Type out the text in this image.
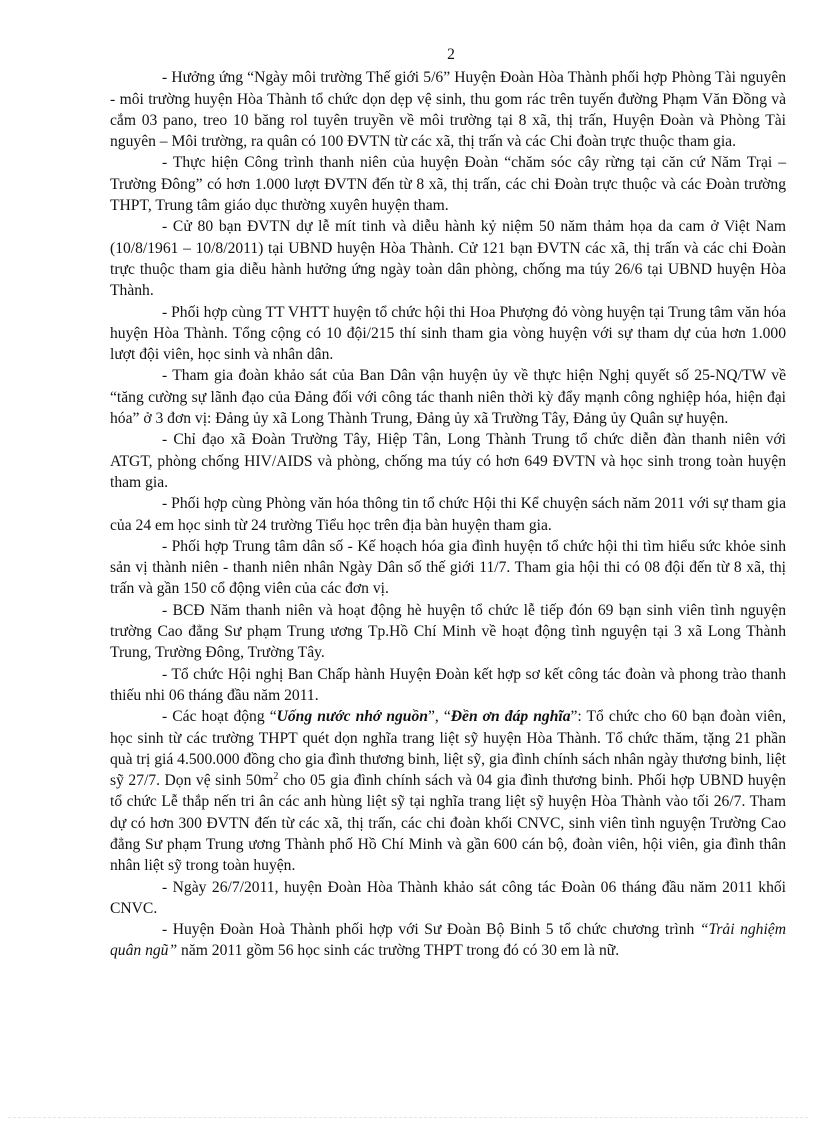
2

- Hưởng ứng “Ngày môi trường Thế giới 5/6” Huyện Đoàn Hòa Thành phối hợp Phòng Tài nguyên - môi trường huyện Hòa Thành tổ chức dọn dẹp vệ sinh, thu gom rác trên tuyến đường Phạm Văn Đồng và cắm 03 pano, treo 10 băng rol tuyên truyền về môi trường tại 8 xã, thị trấn, Huyện Đoàn và Phòng Tài nguyên – Môi trường, ra quân có 100 ĐVTN từ các xã, thị trấn và các Chi đoàn trực thuộc tham gia.

- Thực hiện Công trình thanh niên của huyện Đoàn “chăm sóc cây rừng tại căn cứ Năm Trại – Trường Đông” có hơn 1.000 lượt ĐVTN đến từ 8 xã, thị trấn, các chi Đoàn trực thuộc và các Đoàn trường THPT, Trung tâm giáo dục thường xuyên huyện tham.

- Cử 80 bạn ĐVTN dự lễ mít tinh và diễu hành kỷ niệm 50 năm thảm họa da cam ở Việt Nam (10/8/1961 – 10/8/2011) tại UBND huyện Hòa Thành. Cử 121 bạn ĐVTN các xã, thị trấn và các chi Đoàn trực thuộc tham gia diễu hành hưởng ứng ngày toàn dân phòng, chống ma túy 26/6 tại UBND huyện Hòa Thành.

- Phối hợp cùng TT VHTT huyện tổ chức hội thi Hoa Phượng đỏ vòng huyện tại Trung tâm văn hóa huyện Hòa Thành. Tổng cộng có 10 đội/215 thí sinh tham gia vòng huyện với sự tham dự của hơn 1.000 lượt đội viên, học sinh và nhân dân.

- Tham gia đoàn khảo sát của Ban Dân vận huyện ủy về thực hiện Nghị quyết số 25-NQ/TW về “tăng cường sự lãnh đạo của Đảng đối với công tác thanh niên thời kỳ đẩy mạnh công nghiệp hóa, hiện đại hóa” ở 3 đơn vị: Đảng ủy xã Long Thành Trung, Đảng ủy xã Trường Tây, Đảng ủy Quân sự huyện.

- Chỉ đạo xã Đoàn Trường Tây, Hiệp Tân, Long Thành Trung tổ chức diễn đàn thanh niên với ATGT, phòng chống HIV/AIDS và phòng, chống ma túy có hơn 649 ĐVTN và học sinh trong toàn huyện tham gia.

- Phối hợp cùng Phòng văn hóa thông tin tổ chức Hội thi Kể chuyện sách năm 2011 với sự tham gia của 24 em học sinh từ 24 trường Tiểu học trên địa bàn huyện tham gia.

- Phối hợp Trung tâm dân số - Kế hoạch hóa gia đình huyện tổ chức hội thi tìm hiểu sức khỏe sinh sản vị thành niên - thanh niên nhân Ngày Dân số thế giới 11/7. Tham gia hội thi có 08 đội đến từ 8 xã, thị trấn và gần 150 cổ động viên của các đơn vị.

- BCĐ Năm thanh niên và hoạt động hè huyện tổ chức lễ tiếp đón 69 bạn sinh viên tình nguyện trường Cao đẳng Sư phạm Trung ương Tp.Hồ Chí Minh về hoạt động tình nguyện tại 3 xã Long Thành Trung, Trường Đông, Trường Tây.

- Tổ chức Hội nghị Ban Chấp hành Huyện Đoàn kết hợp sơ kết công tác đoàn và phong trào thanh thiếu nhi 06 tháng đầu năm 2011.

- Các hoạt động “Uống nước nhớ nguồn”, “Đền ơn đáp nghĩa”: Tổ chức cho 60 bạn đoàn viên, học sinh từ các trường THPT quét dọn nghĩa trang liệt sỹ huyện Hòa Thành. Tổ chức thăm, tặng 21 phần quà trị giá 4.500.000 đồng cho gia đình thương binh, liệt sỹ, gia đình chính sách nhân ngày thương binh, liệt sỹ 27/7. Dọn vệ $\sinh 50m^2$ cho 05 gia đình chính sách và 04 gia đình thương binh. Phối hợp UBND huyện tổ chức Lễ thắp nến tri ân các anh hùng liệt sỹ tại nghĩa trang liệt sỹ huyện Hòa Thành vào tối 26/7. Tham dự có hơn 300 ĐVTN đến từ các xã, thị trấn, các chi đoàn khối CNVC, sinh viên tình nguyện Trường Cao đẳng Sư phạm Trung ương Thành phố Hồ Chí Minh và gần 600 cán bộ, đoàn viên, hội viên, gia đình thân nhân liệt sỹ trong toàn huyện.

- Ngày 26/7/2011, huyện Đoàn Hòa Thành khảo sát công tác Đoàn 06 tháng đầu năm 2011 khối CNVC.

- Huyện Đoàn Hoà Thành phối hợp với Sư Đoàn Bộ Binh 5 tổ chức chương trình “Trải nghiệm quân ngũ” năm 2011 gồm 56 học sinh các trường THPT trong đó có 30 em là nữ.
